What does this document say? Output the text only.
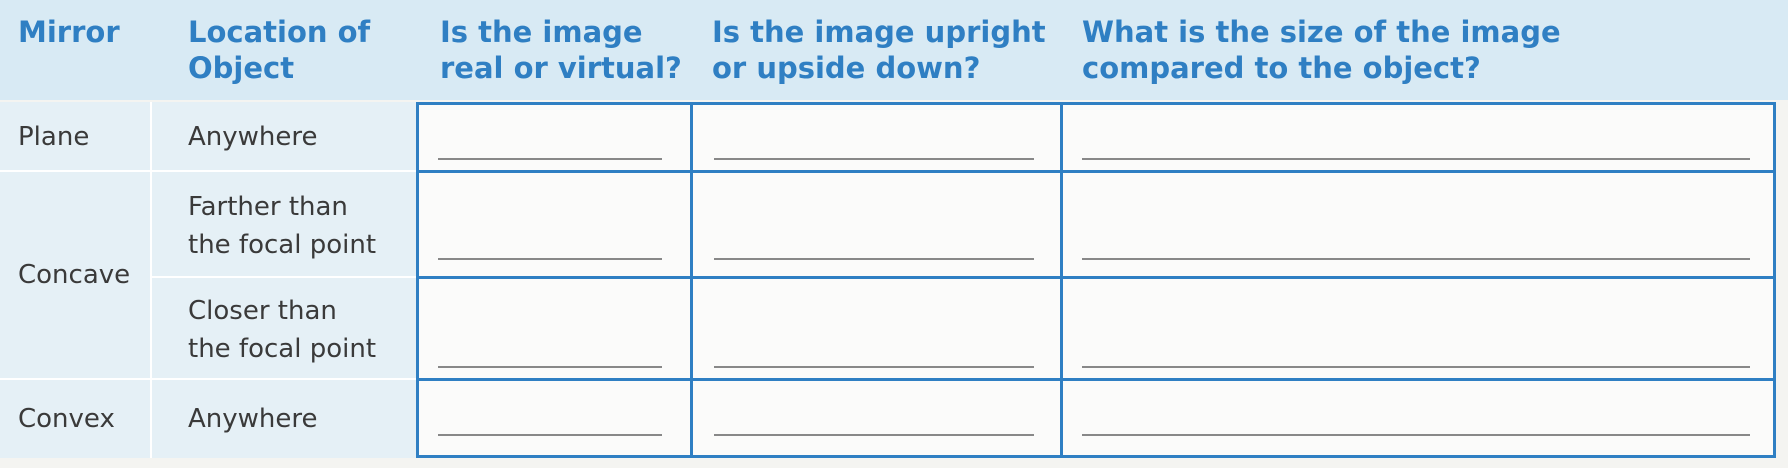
Mirror Location of
Object
Is the image
real or virtual?
Is the image upright
or upside down?
What is the size of the image
compared to the object?
Plane
Concave
Convex
Anywhere
Farther than
the focal point
Closer than
the focal point
Anywhere
